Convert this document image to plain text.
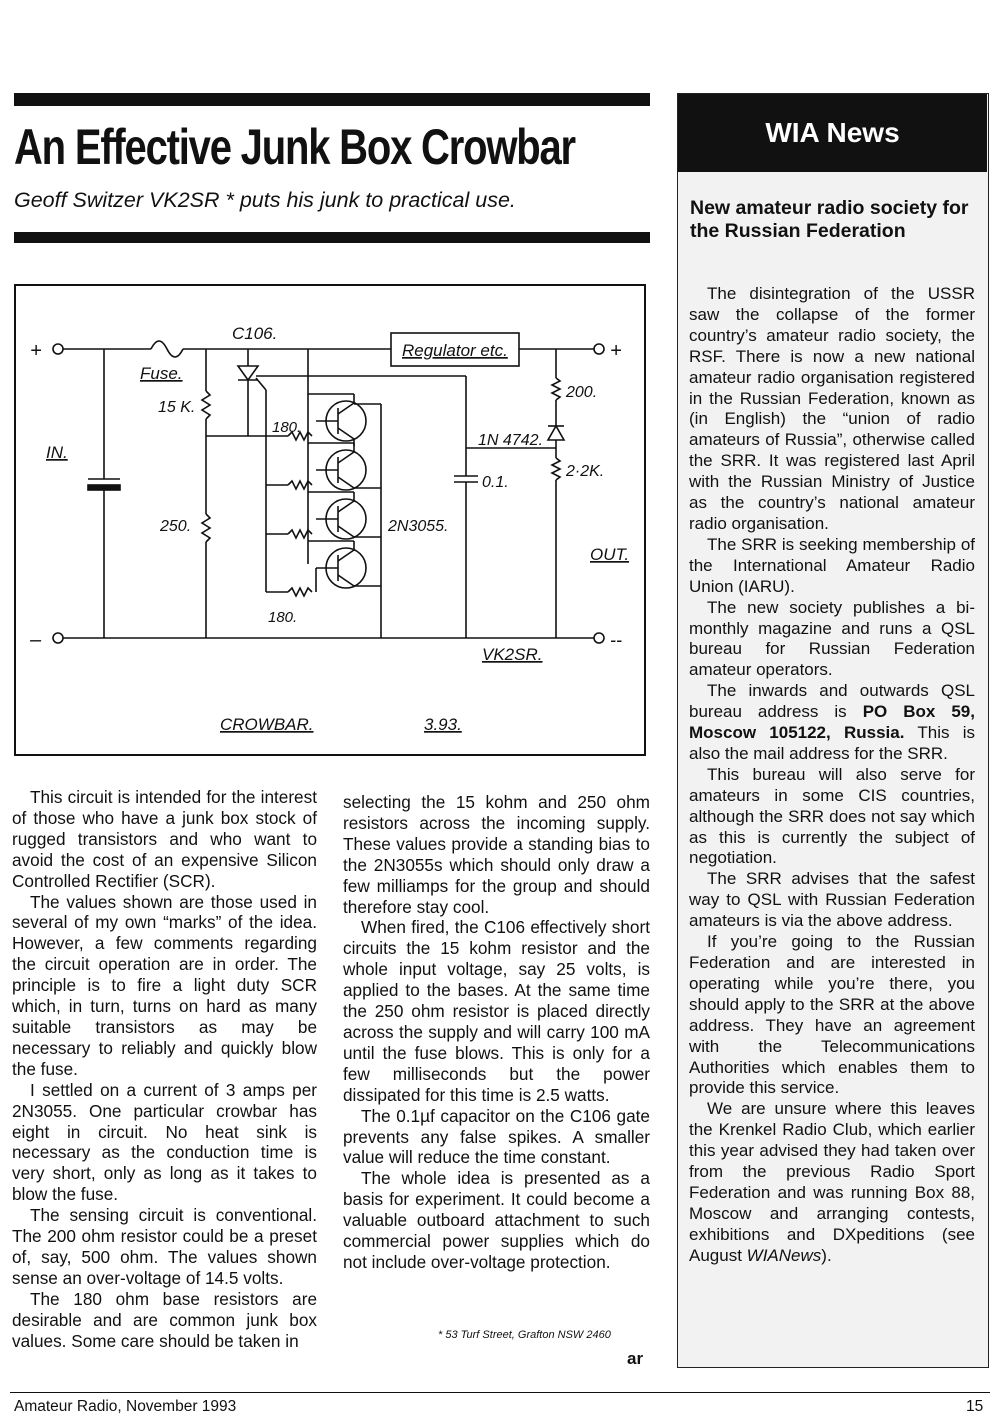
An Effective Junk Box Crowbar
Geoff Switzer VK2SR * puts his junk to practical use.
+	+
–	--
C106.
Fuse.
15 K.
180.
Regulator etc.
200.
1N 4742.
2·2K.
0.1.
IN.
250.	2N3055.
OUT.
180.
VK2SR.
CROWBAR.	3.93.

This circuit is intended for the interest of those who have a junk box stock of rugged transistors and who want to avoid the cost of an expensive Silicon Controlled Rectifier (SCR).

The values shown are those used in several of my own “marks” of the idea. However, a few comments regarding the circuit operation are in order. The principle is to fire a light duty SCR which, in turn, turns on hard as many suitable transistors as may be necessary to reliably and quickly blow the fuse.

I settled on a current of 3 amps per 2N3055. One particular crowbar has eight in circuit. No heat sink is necessary as the conduction time is very short, only as long as it takes to blow the fuse.

The sensing circuit is conventional. The 200 ohm resistor could be a preset of, say, 500 ohm. The values shown sense an over-voltage of 14.5 volts.

The 180 ohm base resistors are desirable and are common junk box values. Some care should be taken in

selecting the 15 kohm and 250 ohm resistors across the incoming supply. These values provide a standing bias to the 2N3055s which should only draw a few milliamps for the group and should therefore stay cool.

When fired, the C106 effectively short circuits the 15 kohm resistor and the whole input voltage, say 25 volts, is applied to the bases. At the same time the 250 ohm resistor is placed directly across the supply and will carry 100 mA until the fuse blows. This is only for a few milliseconds but the power dissipated for this time is 2.5 watts.

The 0.1µf capacitor on the C106 gate prevents any false spikes. A smaller value will reduce the time constant.

The whole idea is presented as a basis for experiment. It could become a valuable outboard attachment to such commercial power supplies which do not include over-voltage protection.

* 53 Turf Street, Grafton NSW 2460
ar
WIA News
New amateur radio society for the Russian Federation

The disintegration of the USSR saw the collapse of the former country’s amateur radio society, the RSF. There is now a new national amateur radio organisation registered in the Russian Federation, known as (in English) the “union of radio amateurs of Russia”, otherwise called the SRR. It was registered last April with the Russian Ministry of Justice as the country’s national amateur radio organisation.

The SRR is seeking membership of the International Amateur Radio Union (IARU).

The new society publishes a bi-monthly magazine and runs a QSL bureau for Russian Federation amateur operators.

The inwards and outwards QSL bureau address is PO Box 59, Moscow 105122, Russia. This is also the mail address for the SRR.

This bureau will also serve for amateurs in some CIS countries, although the SRR does not say which as this is currently the subject of negotiation.

The SRR advises that the safest way to QSL with Russian Federation amateurs is via the above address.

If you’re going to the Russian Federation and are interested in operating while you’re there, you should apply to the SRR at the above address. They have an agreement with the Telecommunications Authorities which enables them to provide this service.

We are unsure where this leaves the Krenkel Radio Club, which earlier this year advised they had taken over from the previous Radio Sport Federation and was running Box 88, Moscow and arranging contests, exhibitions and DXpeditions (see August WIANews).

Amateur Radio, November 1993	15
